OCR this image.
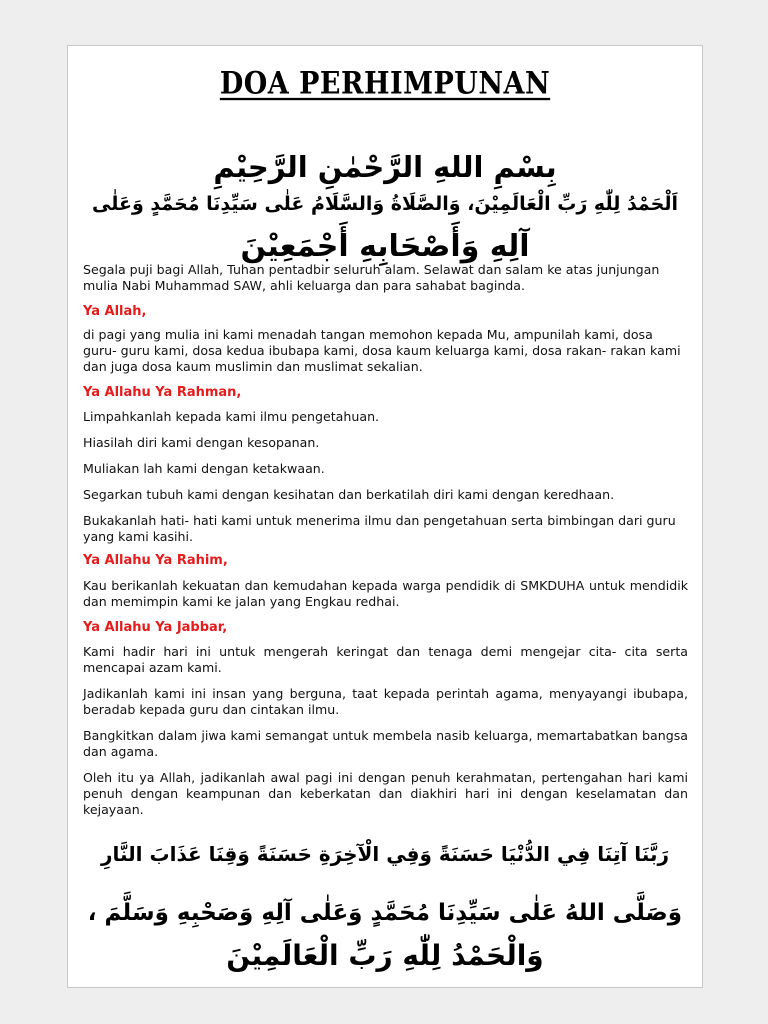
DOA PERHIMPUNAN
بِسْمِ اللهِ الرَّحْمٰنِ الرَّحِيْمِ
اَلْحَمْدُ لِلّٰهِ رَبِّ الْعَالَمِيْنَ، وَالصَّلَاةُ وَالسَّلَامُ عَلٰى سَيِّدِنَا مُحَمَّدٍ وَعَلٰى
آلِهِ وَأَصْحَابِهِ أَجْمَعِيْنَ
Segala puji bagi Allah, Tuhan pentadbir seluruh alam. Selawat dan salam ke atas junjungan mulia Nabi Muhammad SAW, ahli keluarga dan para sahabat baginda.
Ya Allah,
di pagi yang mulia ini kami menadah tangan memohon kepada Mu, ampunilah kami, dosa guru- guru kami, dosa kedua ibubapa kami, dosa kaum keluarga kami, dosa rakan- rakan kami dan juga dosa kaum muslimin dan muslimat sekalian.
Ya Allahu Ya Rahman,
Limpahkanlah kepada kami ilmu pengetahuan.
Hiasilah diri kami dengan kesopanan.
Muliakan lah kami dengan ketakwaan.
Segarkan tubuh kami dengan kesihatan dan berkatilah diri kami dengan keredhaan.
Bukakanlah hati- hati kami untuk menerima ilmu dan pengetahuan serta bimbingan dari guru yang kami kasihi.
Ya Allahu Ya Rahim,
Kau berikanlah kekuatan dan kemudahan kepada warga pendidik di SMKDUHA untuk mendidik dan memimpin kami ke jalan yang Engkau redhai.
Ya Allahu Ya Jabbar,
Kami hadir hari ini untuk mengerah keringat dan tenaga demi mengejar cita- cita serta mencapai azam kami.
Jadikanlah kami ini insan yang berguna, taat kepada perintah agama, menyayangi ibubapa, beradab kepada guru dan cintakan ilmu.
Bangkitkan dalam jiwa kami semangat untuk membela nasib keluarga, memartabatkan bangsa dan agama.
Oleh itu ya Allah, jadikanlah awal pagi ini dengan penuh kerahmatan, pertengahan hari kami penuh dengan keampunan dan keberkatan dan diakhiri hari ini dengan keselamatan dan kejayaan.
رَبَّنَا آتِنَا فِي الدُّنْيَا حَسَنَةً وَفِي الْآخِرَةِ حَسَنَةً وَقِنَا عَذَابَ النَّارِ
وَصَلَّى اللهُ عَلٰى سَيِّدِنَا مُحَمَّدٍ وَعَلٰى آلِهِ وَصَحْبِهِ وَسَلَّمَ ،
وَالْحَمْدُ لِلّٰهِ رَبِّ الْعَالَمِيْنَ
